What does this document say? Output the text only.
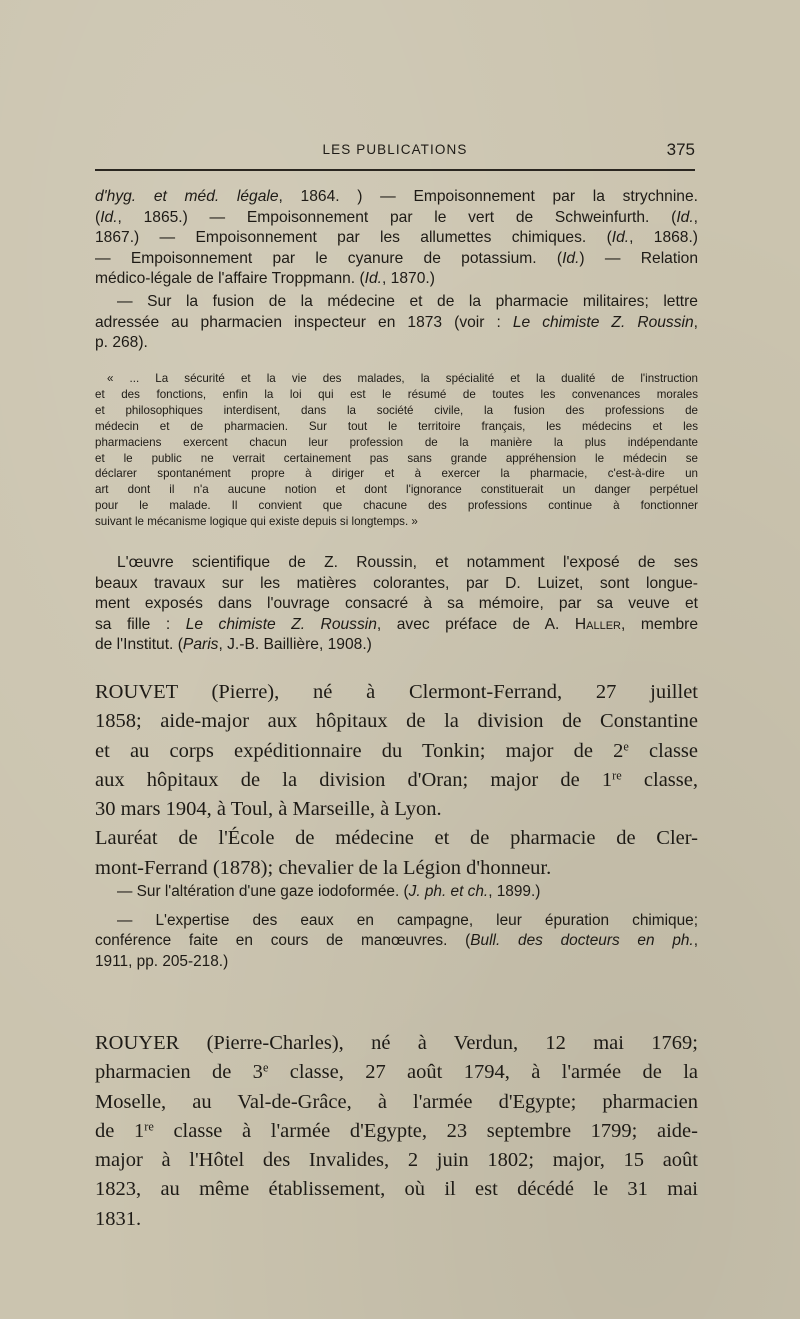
LES PUBLICATIONS	375

d'hyg. et méd. légale, 1864. ) — Empoisonnement par la strychnine.

(Id., 1865.) — Empoisonnement par le vert de Schweinfurth. (Id.,

1867.) — Empoisonnement par les allumettes chimiques. (Id., 1868.)

— Empoisonnement par le cyanure de potassium. (Id.) — Relation

médico-légale de l'affaire Troppmann. (Id., 1870.)

— Sur la fusion de la médecine et de la pharmacie militaires; lettre

adressée au pharmacien inspecteur en 1873 (voir : Le chimiste Z. Roussin,

p. 268).

« ... La sécurité et la vie des malades, la spécialité et la dualité de l'instruction

et des fonctions, enfin la loi qui est le résumé de toutes les convenances morales

et philosophiques interdisent, dans la société civile, la fusion des professions de

médecin et de pharmacien. Sur tout le territoire français, les médecins et les

pharmaciens exercent chacun leur profession de la manière la plus indépendante

et le public ne verrait certainement pas sans grande appréhension le médecin se

déclarer spontanément propre à diriger et à exercer la pharmacie, c'est-à-dire un

art dont il n'a aucune notion et dont l'ignorance constituerait un danger perpétuel

pour le malade. Il convient que chacune des professions continue à fonctionner

suivant le mécanisme logique qui existe depuis si longtemps. »

L'œuvre scientifique de Z. Roussin, et notamment l'exposé de ses

beaux travaux sur les matières colorantes, par D. Luizet, sont longue-

ment exposés dans l'ouvrage consacré à sa mémoire, par sa veuve et

sa fille : Le chimiste Z. Roussin, avec préface de A. Haller, membre

de l'Institut. (Paris, J.-B. Baillière, 1908.)

ROUVET (Pierre), né à Clermont-Ferrand, 27 juillet

1858; aide-major aux hôpitaux de la division de Constantine

et au corps expéditionnaire du Tonkin; major de 2e classe

aux hôpitaux de la division d'Oran; major de 1re classe,

30 mars 1904, à Toul, à Marseille, à Lyon.

Lauréat de l'École de médecine et de pharmacie de Cler-

mont-Ferrand (1878); chevalier de la Légion d'honneur.

— Sur l'altération d'une gaze iodoformée. (J. ph. et ch., 1899.)

— L'expertise des eaux en campagne, leur épuration chimique;

conférence faite en cours de manœuvres. (Bull. des docteurs en ph.,

1911, pp. 205-218.)

ROUYER (Pierre-Charles), né à Verdun, 12 mai 1769;

pharmacien de 3e classe, 27 août 1794, à l'armée de la

Moselle, au Val-de-Grâce, à l'armée d'Egypte; pharmacien

de 1re classe à l'armée d'Egypte, 23 septembre 1799; aide-

major à l'Hôtel des Invalides, 2 juin 1802; major, 15 août

1823, au même établissement, où il est décédé le 31 mai

1831.
